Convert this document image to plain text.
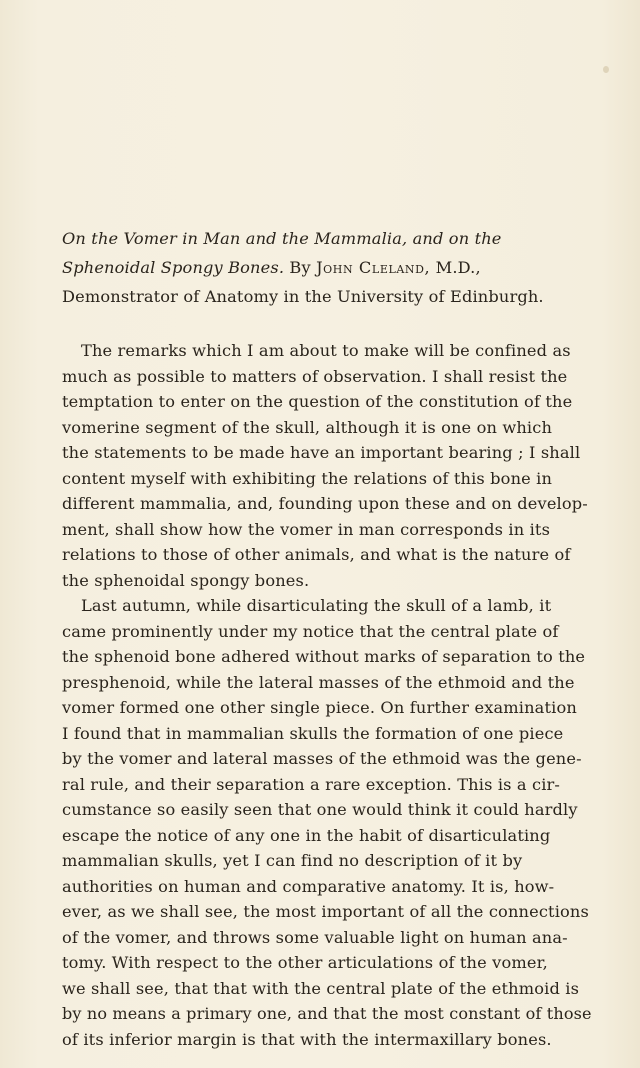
On the Vomer in Man and the Mammalia, and on the
Sphenoidal Spongy Bones. By John Cleland, M.D.,
Demonstrator of Anatomy in the University of Edinburgh.
The remarks which I am about to make will be confined as
much as possible to matters of observation. I shall resist the
temptation to enter on the question of the constitution of the
vomerine segment of the skull, although it is one on which
the statements to be made have an important bearing ; I shall
content myself with exhibiting the relations of this bone in
different mammalia, and, founding upon these and on develop-
ment, shall show how the vomer in man corresponds in its
relations to those of other animals, and what is the nature of
the sphenoidal spongy bones.
Last autumn, while disarticulating the skull of a lamb, it
came prominently under my notice that the central plate of
the sphenoid bone adhered without marks of separation to the
presphenoid, while the lateral masses of the ethmoid and the
vomer formed one other single piece. On further examination
I found that in mammalian skulls the formation of one piece
by the vomer and lateral masses of the ethmoid was the gene-
ral rule, and their separation a rare exception. This is a cir-
cumstance so easily seen that one would think it could hardly
escape the notice of any one in the habit of disarticulating
mammalian skulls, yet I can find no description of it by
authorities on human and comparative anatomy. It is, how-
ever, as we shall see, the most important of all the connections
of the vomer, and throws some valuable light on human ana-
tomy. With respect to the other articulations of the vomer,
we shall see, that that with the central plate of the ethmoid is
by no means a primary one, and that the most constant of those
of its inferior margin is that with the intermaxillary bones.
